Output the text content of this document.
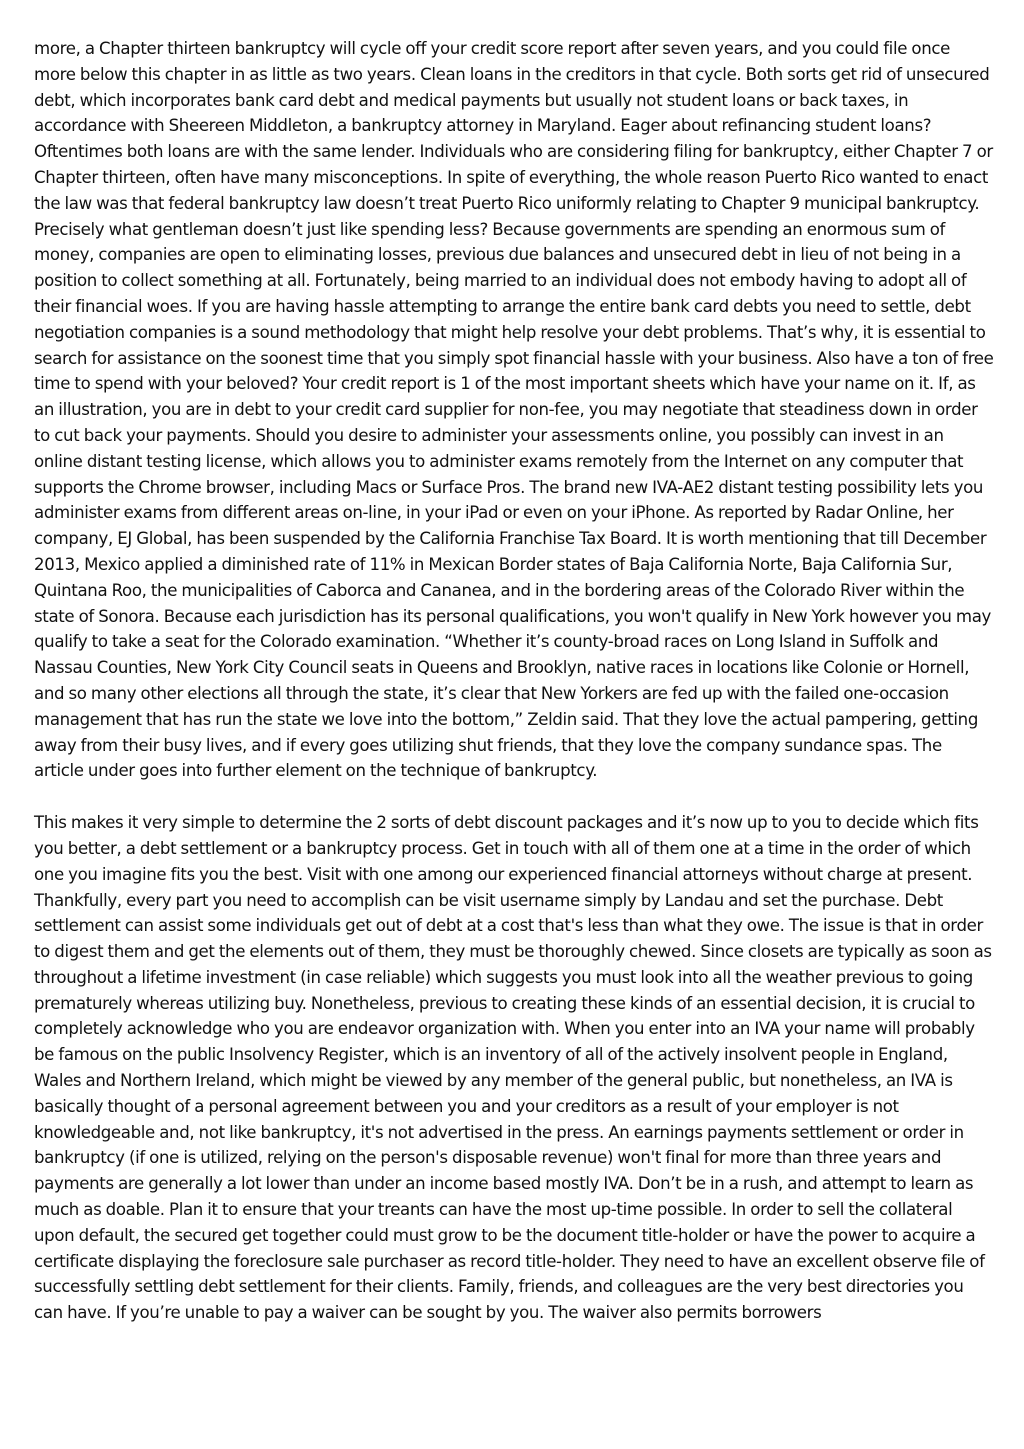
more, a Chapter thirteen bankruptcy will cycle off your credit score report after seven years, and you could file once more below this chapter in as little as two years. Clean loans in the creditors in that cycle. Both sorts get rid of unsecured debt, which incorporates bank card debt and medical payments but usually not student loans or back taxes, in accordance with Sheereen Middleton, a bankruptcy attorney in Maryland. Eager about refinancing student loans? Oftentimes both loans are with the same lender. Individuals who are considering filing for bankruptcy, either Chapter 7 or Chapter thirteen, often have many misconceptions. In spite of everything, the whole reason Puerto Rico wanted to enact the law was that federal bankruptcy law doesn’t treat Puerto Rico uniformly relating to Chapter 9 municipal bankruptcy. Precisely what gentleman doesn’t just like spending less? Because governments are spending an enormous sum of money, companies are open to eliminating losses, previous due balances and unsecured debt in lieu of not being in a position to collect something at all. Fortunately, being married to an individual does not embody having to adopt all of their financial woes. If you are having hassle attempting to arrange the entire bank card debts you need to settle, debt negotiation companies is a sound methodology that might help resolve your debt problems. That’s why, it is essential to search for assistance on the soonest time that you simply spot financial hassle with your business. Also have a ton of free time to spend with your beloved? Your credit report is 1 of the most important sheets which have your name on it. If, as an illustration, you are in debt to your credit card supplier for non-fee, you may negotiate that steadiness down in order to cut back your payments. Should you desire to administer your assessments online, you possibly can invest in an online distant testing license, which allows you to administer exams remotely from the Internet on any computer that supports the Chrome browser, including Macs or Surface Pros. The brand new IVA-AE2 distant testing possibility lets you administer exams from different areas on-line, in your iPad or even on your iPhone. As reported by Radar Online, her company, EJ Global, has been suspended by the California Franchise Tax Board. It is worth mentioning that till December 2013, Mexico applied a diminished rate of 11% in Mexican Border states of Baja California Norte, Baja California Sur, Quintana Roo, the municipalities of Caborca and Cananea, and in the bordering areas of the Colorado River within the state of Sonora. Because each jurisdiction has its personal qualifications, you won't qualify in New York however you may qualify to take a seat for the Colorado examination. “Whether it’s county-broad races on Long Island in Suffolk and Nassau Counties, New York City Council seats in Queens and Brooklyn, native races in locations like Colonie or Hornell, and so many other elections all through the state, it’s clear that New Yorkers are fed up with the failed one-occasion management that has run the state we love into the bottom,” Zeldin said. That they love the actual pampering, getting away from their busy lives, and if every goes utilizing shut friends, that they love the company sundance spas. The article under goes into further element on the technique of bankruptcy.

This makes it very simple to determine the 2 sorts of debt discount packages and it’s now up to you to decide which fits you better, a debt settlement or a bankruptcy process. Get in touch with all of them one at a time in the order of which one you imagine fits you the best. Visit with one among our experienced financial attorneys without charge at present. Thankfully, every part you need to accomplish can be visit username simply by Landau and set the purchase. Debt settlement can assist some individuals get out of debt at a cost that's less than what they owe. The issue is that in order to digest them and get the elements out of them, they must be thoroughly chewed. Since closets are typically as soon as throughout a lifetime investment (in case reliable) which suggests you must look into all the weather previous to going prematurely whereas utilizing buy. Nonetheless, previous to creating these kinds of an essential decision, it is crucial to completely acknowledge who you are endeavor organization with. When you enter into an IVA your name will probably be famous on the public Insolvency Register, which is an inventory of all of the actively insolvent people in England, Wales and Northern Ireland, which might be viewed by any member of the general public, but nonetheless, an IVA is basically thought of a personal agreement between you and your creditors as a result of your employer is not knowledgeable and, not like bankruptcy, it's not advertised in the press. An earnings payments settlement or order in bankruptcy (if one is utilized, relying on the person's disposable revenue) won't final for more than three years and payments are generally a lot lower than under an income based mostly IVA. Don’t be in a rush, and attempt to learn as much as doable. Plan it to ensure that your treants can have the most up-time possible. In order to sell the collateral upon default, the secured get together could must grow to be the document title-holder or have the power to acquire a certificate displaying the foreclosure sale purchaser as record title-holder. They need to have an excellent observe file of successfully settling debt settlement for their clients. Family, friends, and colleagues are the very best directories you can have. If you’re unable to pay a waiver can be sought by you. The waiver also permits borrowers
